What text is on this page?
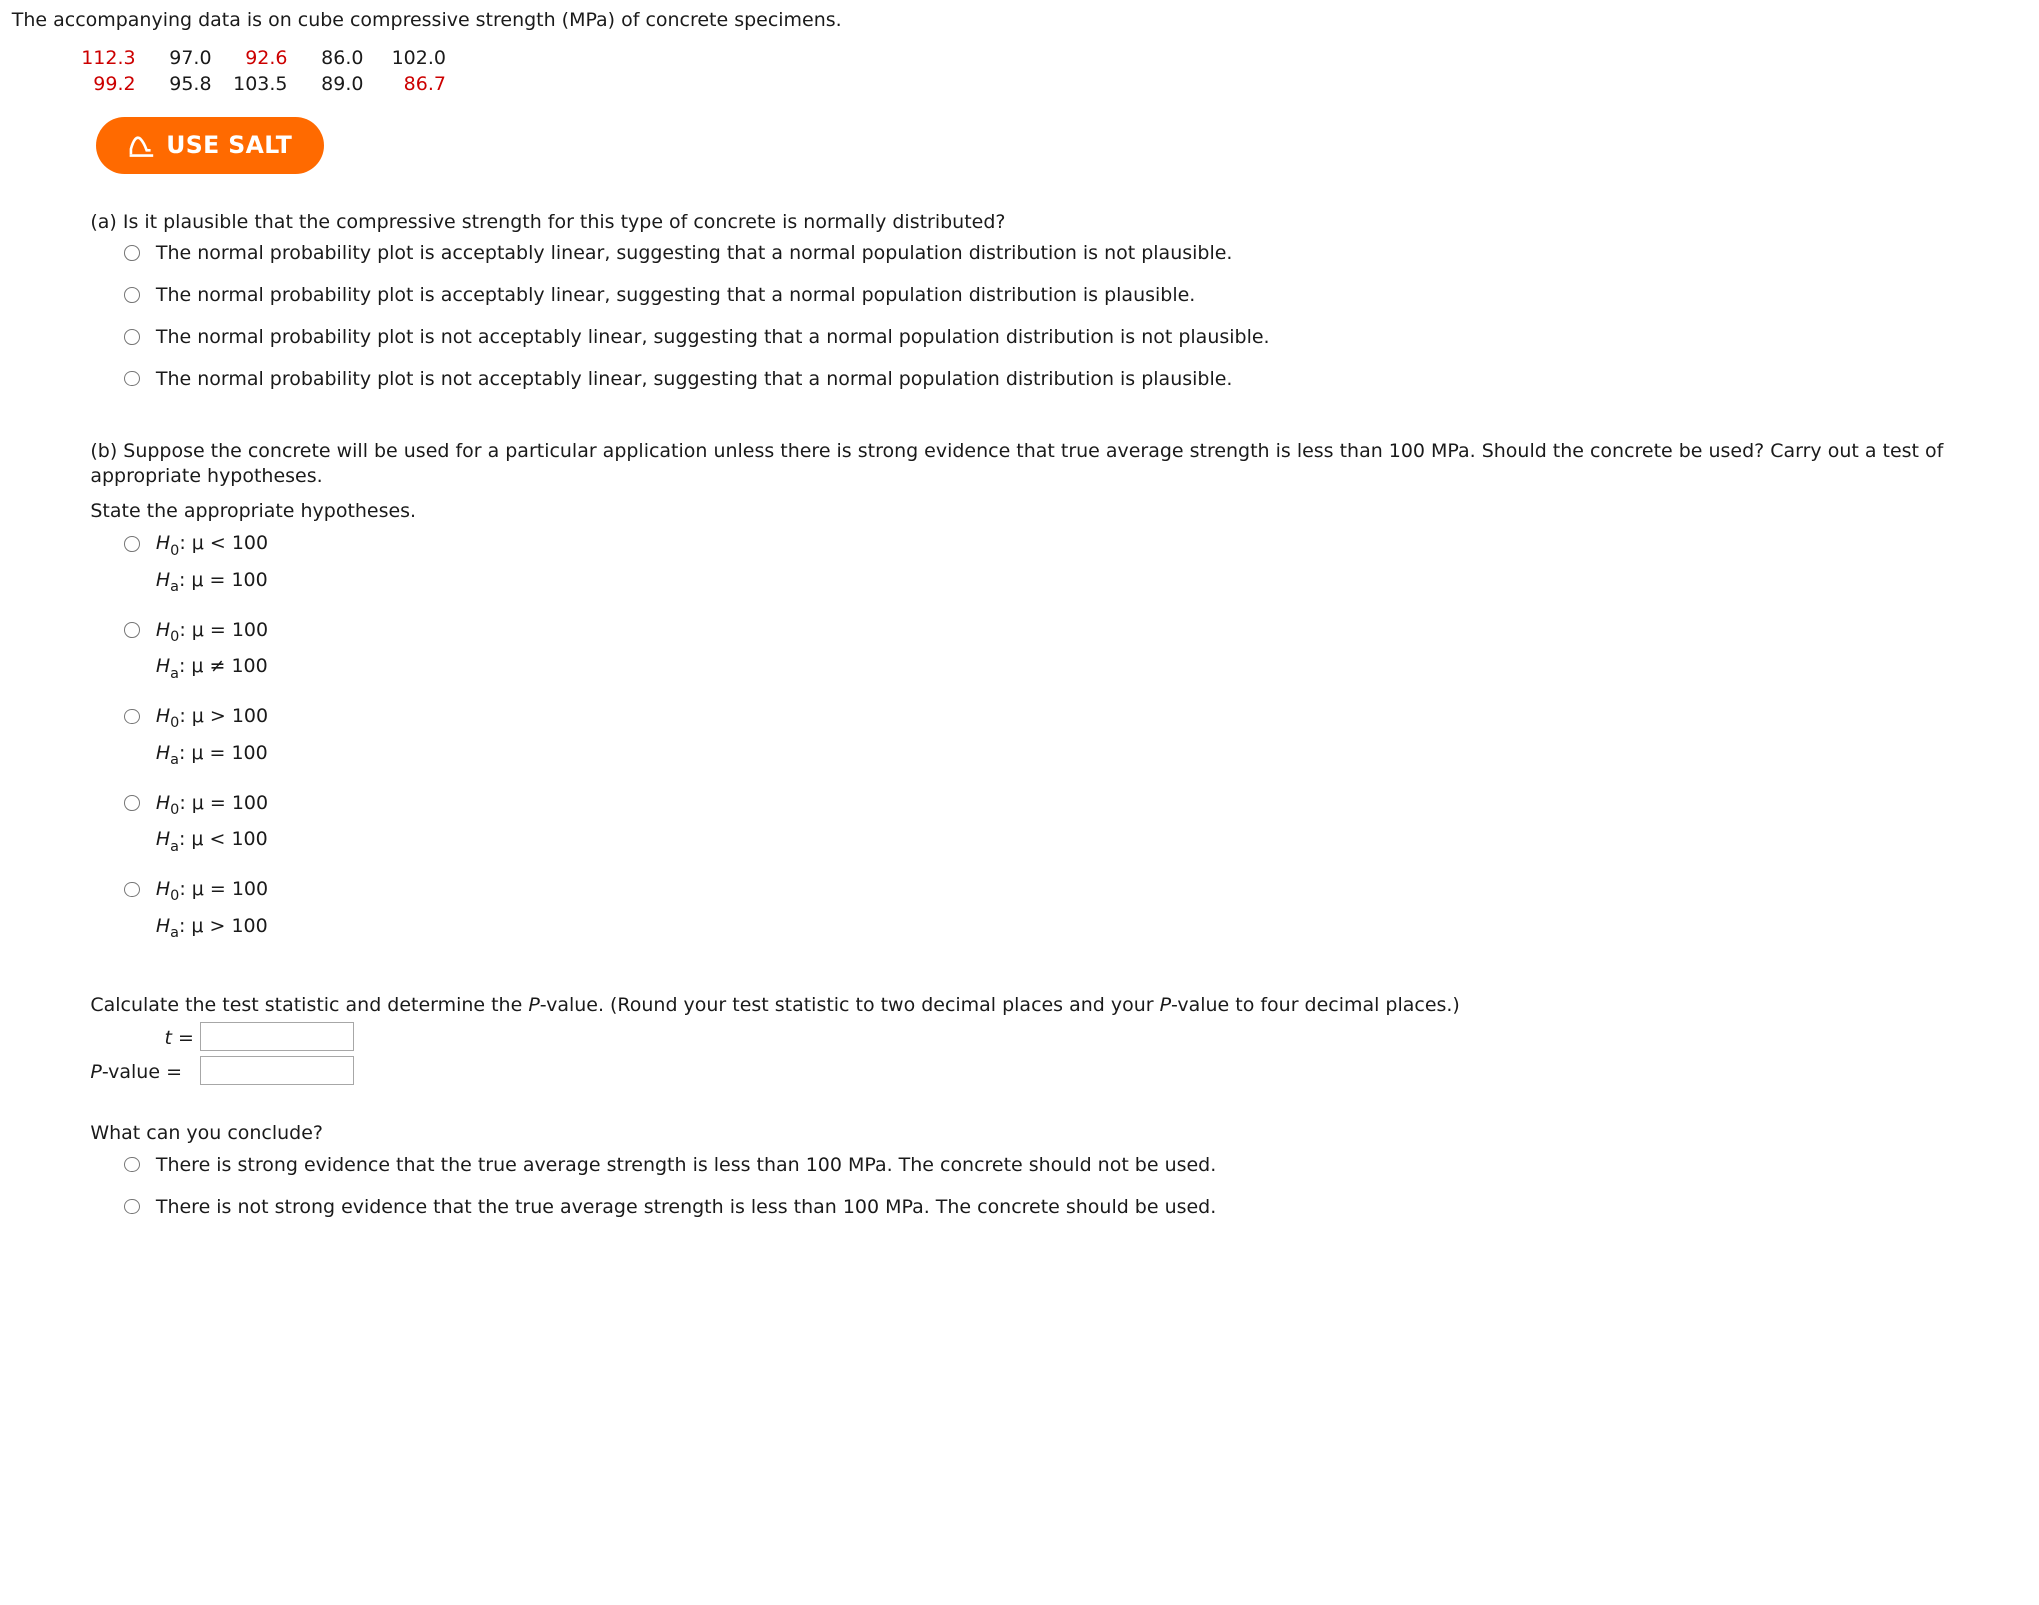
The accompanying data is on cube compressive strength (MPa) of concrete specimens.
112.3	97.0	92.6	86.0	102.0
99.2	95.8	103.5	89.0	86.7
USE SALT
(a) Is it plausible that the compressive strength for this type of concrete is normally distributed?
The normal probability plot is acceptably linear, suggesting that a normal population distribution is not plausible.
The normal probability plot is acceptably linear, suggesting that a normal population distribution is plausible.
The normal probability plot is not acceptably linear, suggesting that a normal population distribution is not plausible.
The normal probability plot is not acceptably linear, suggesting that a normal population distribution is plausible.
(b) Suppose the concrete will be used for a particular application unless there is strong evidence that true average strength is less than 100 MPa. Should the concrete be used? Carry out a test of appropriate hypotheses.
State the appropriate hypotheses.
$H_0$: μ < 100
$H_a$: μ = 100
$H_0$: μ = 100
$H_a$: μ ≠ 100
$H_0$: μ > 100
$H_a$: μ = 100
$H_0$: μ = 100
$H_a$: μ < 100
$H_0$: μ = 100
$H_a$: μ > 100
Calculate the test statistic and determine the P-value. (Round your test statistic to two decimal places and your P-value to four decimal places.)
t =
P-value =
What can you conclude?
There is strong evidence that the true average strength is less than 100 MPa. The concrete should not be used.
There is not strong evidence that the true average strength is less than 100 MPa. The concrete should be used.
